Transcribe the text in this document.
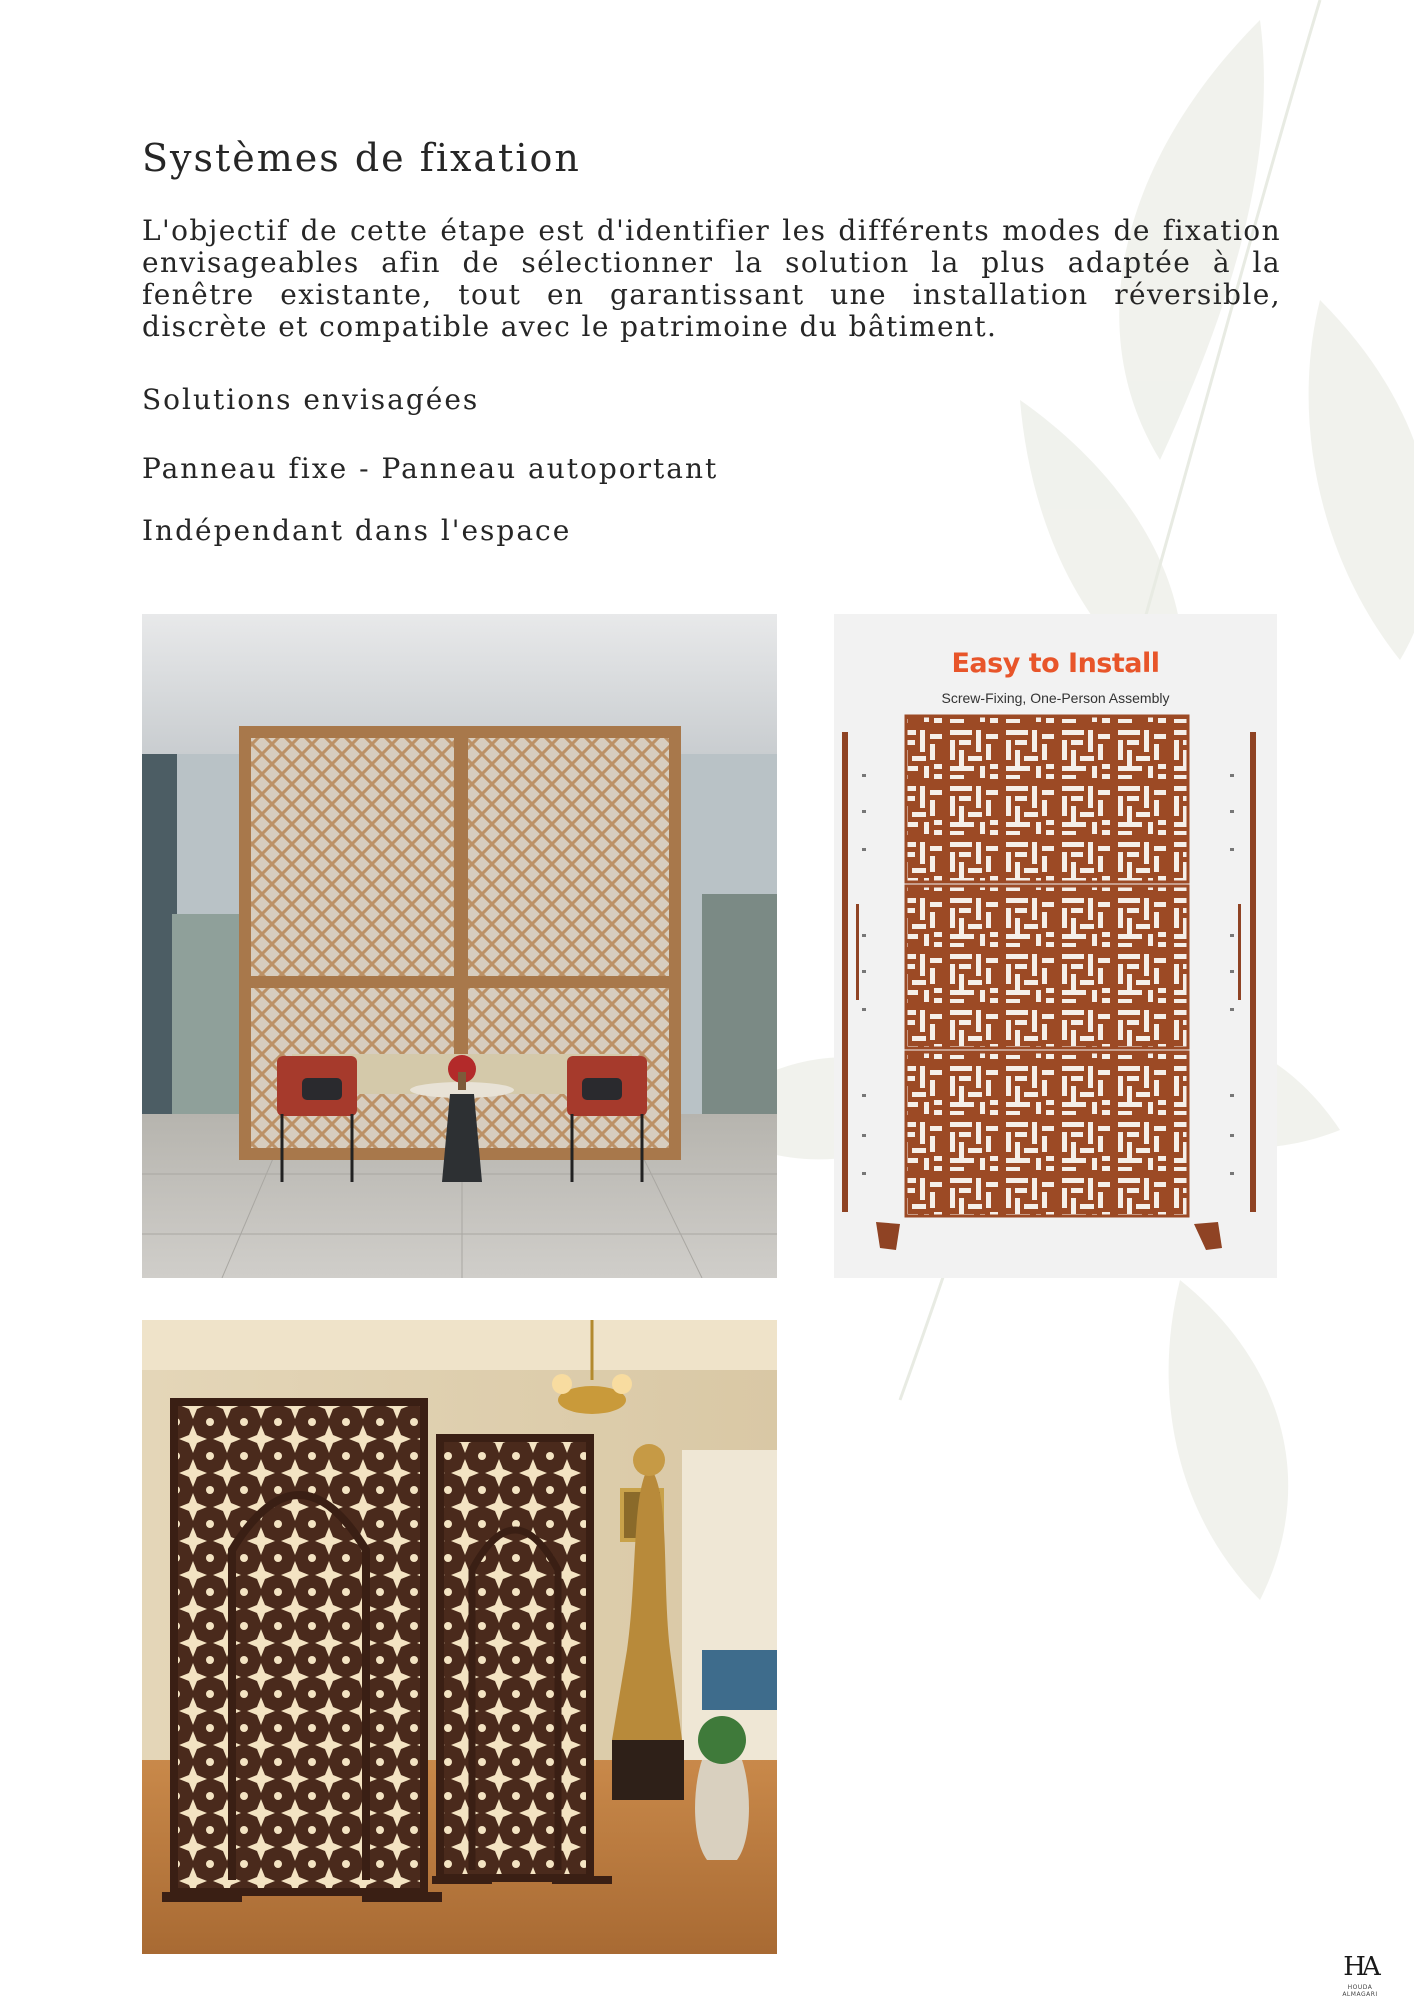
Systèmes de fixation
L'objectif de cette étape est d'identifier les différents modes de fixation envisageables afin de sélectionner la solution la plus adaptée à la fenêtre existante, tout en garantissant une installation réversible, discrète et compatible avec le patrimoine du bâtiment.
Solutions envisagées
Panneau fixe - Panneau autoportant
Indépendant dans l'espace
Easy to Install
Screw-Fixing, One-Person Assembly
HA
HOUDA ALMAGARI
